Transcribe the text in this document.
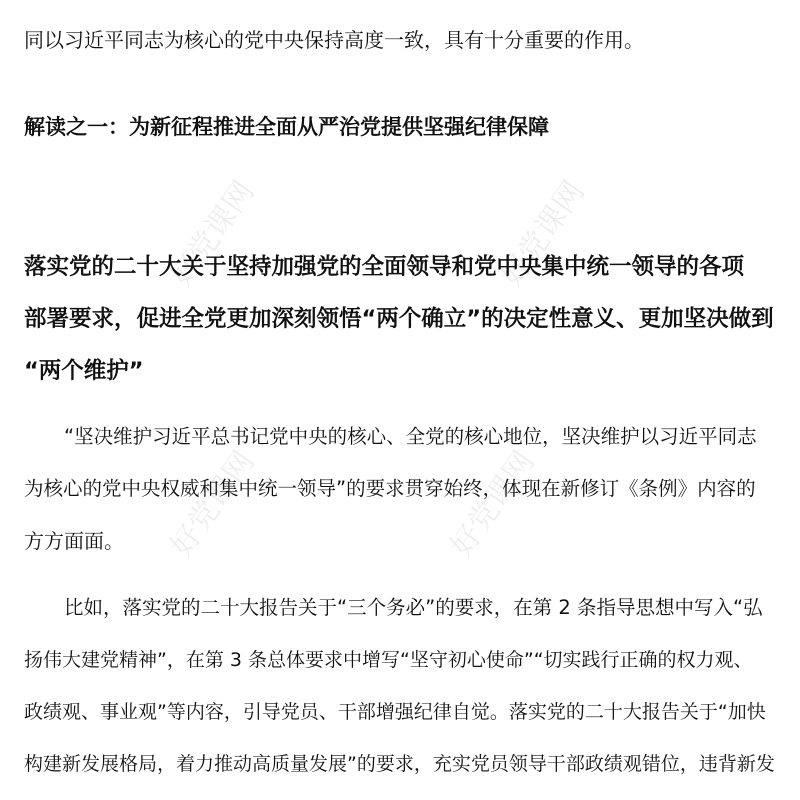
好党课网	好党课网
好党课网	好党课网
同以习近平同志为核心的党中央保持高度一致，具有十分重要的作用。
解读之一：为新征程推进全面从严治党提供坚强纪律保障
落实党的二十大关于坚持加强党的全面领导和党中央集中统一领导的各项
部署要求，促进全党更加深刻领悟“两个确立”的决定性意义、更加坚决做到
“两个维护”
“坚决维护习近平总书记党中央的核心、全党的核心地位，坚决维护以习近平同志
为核心的党中央权威和集中统一领导”的要求贯穿始终，体现在新修订《条例》内容的
方方面面。
比如，落实党的二十大报告关于“三个务必”的要求，在第 2 条指导思想中写入“弘
扬伟大建党精神”，在第 3 条总体要求中增写“坚守初心使命”“切实践行正确的权力观、
政绩观、事业观”等内容，引导党员、干部增强纪律自觉。落实党的二十大报告关于“加快
构建新发展格局，着力推动高质量发展”的要求，充实党员领导干部政绩观错位，违背新发
